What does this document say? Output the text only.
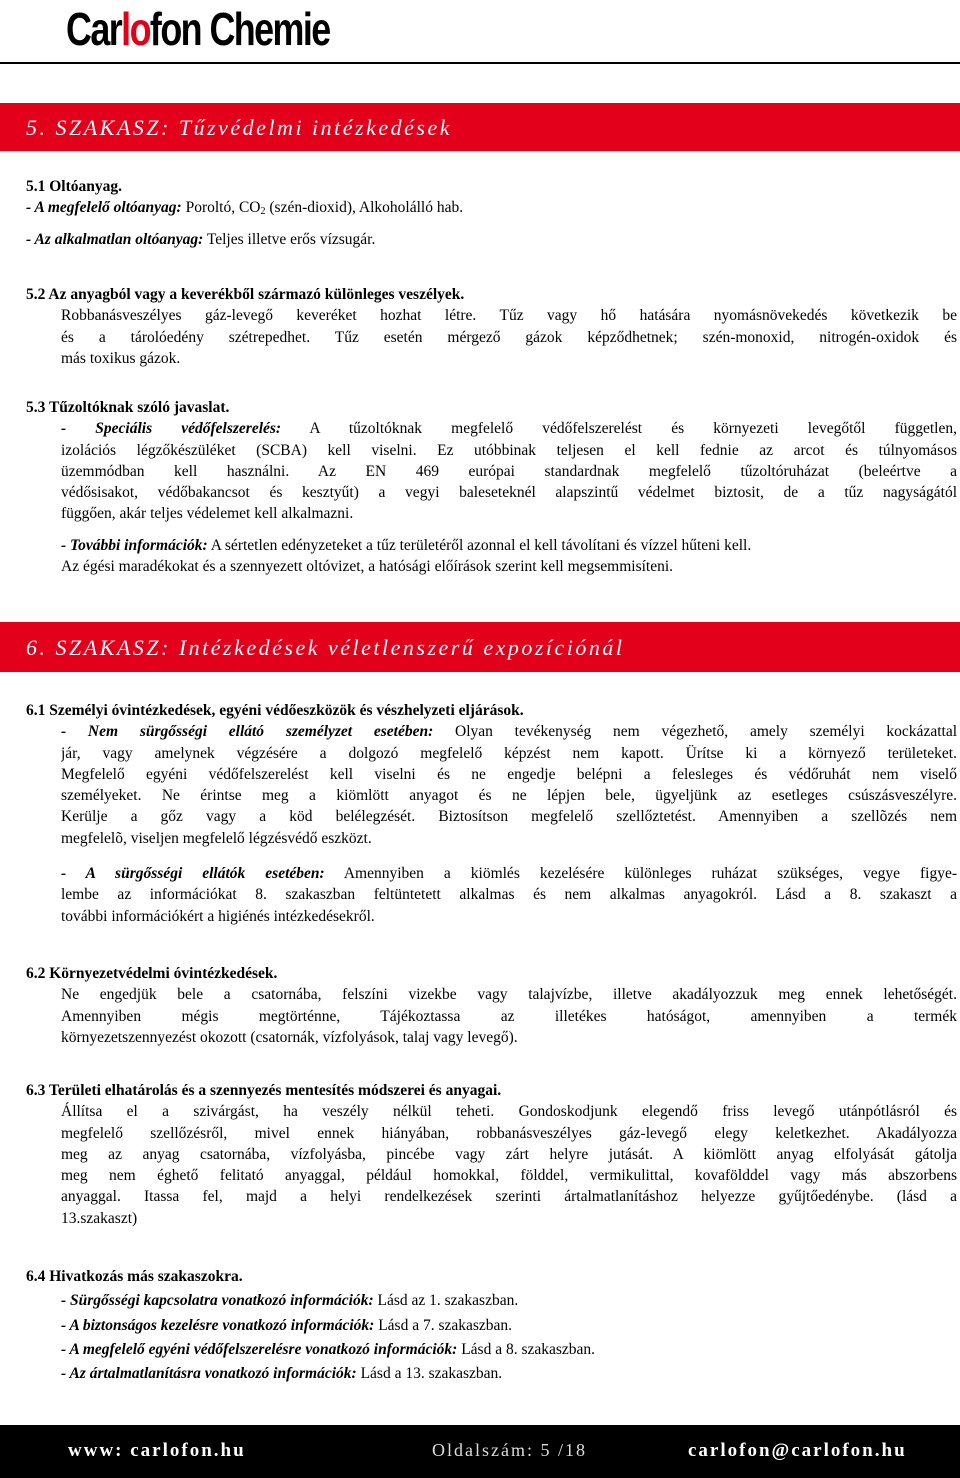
Carlofon Chemie
5. SZAKASZ: Tűzvédelmi intézkedések
5.1 Oltóanyag.
- A megfelelő oltóanyag: Poroltó, $CO_2$ (szén-dioxid), Alkoholálló hab.
- Az alkalmatlan oltóanyag: Teljes illetve erős vízsugár.
5.2 Az anyagból vagy a keverékből származó különleges veszélyek.
Robbanásveszélyes gáz-levegő keveréket hozhat létre. Tűz vagy hő hatására nyomásnövekedés következik be
és a tárolóedény szétrepedhet. Tűz esetén mérgező gázok képződhetnek; szén-monoxid, nitrogén-oxidok és
más toxikus gázok.
5.3 Tűzoltóknak szóló javaslat.
- Speciális védőfelszerelés: A tűzoltóknak megfelelő védőfelszerelést és környezeti levegőtől független,
izolációs légzőkészüléket (SCBA) kell viselni. Ez utóbbinak teljesen el kell fednie az arcot és túlnyomásos
üzemmódban kell használni. Az EN 469 európai standardnak megfelelő tűzoltóruházat (beleértve a
védősisakot, védőbakancsot és kesztyűt) a vegyi baleseteknél alapszintű védelmet biztosit, de a tűz nagyságától
függően, akár teljes védelemet kell alkalmazni.
- További információk: A sértetlen edényzeteket a tűz területéről azonnal el kell távolítani és vízzel hűteni kell.
Az égési maradékokat és a szennyezett oltóvizet, a hatósági előírások szerint kell megsemmisíteni.
6. SZAKASZ: Intézkedések véletlenszerű expozíciónál
6.1 Személyi óvintézkedések, egyéni védőeszközök és vészhelyzeti eljárások.
- Nem sürgősségi ellátó személyzet esetében: Olyan tevékenység nem végezhető, amely személyi kockázattal
jár, vagy amelynek végzésére a dolgozó megfelelő képzést nem kapott. Ürítse ki a környező területeket.
Megfelelő egyéni védőfelszerelést kell viselni és ne engedje belépni a felesleges és védőruhát nem viselő
személyeket. Ne érintse meg a kiömlött anyagot és ne lépjen bele, ügyeljünk az esetleges csúszásveszélyre.
Kerülje a gőz vagy a köd belélegzését. Biztosítson megfelelő szellőztetést. Amennyiben a szellõzés nem
megfelelõ, viseljen megfelelő légzésvédő eszközt.
- A sürgősségi ellátók esetében: Amennyiben a kiömlés kezelésére különleges ruházat szükséges, vegye figye-
lembe az információkat 8. szakaszban feltüntetett alkalmas és nem alkalmas anyagokról. Lásd a 8. szakaszt a
további információkért a higiénés intézkedésekről.
6.2 Környezetvédelmi óvintézkedések.
Ne engedjük bele a csatornába, felszíni vizekbe vagy talajvízbe, illetve akadályozzuk meg ennek lehetőségét.
Amennyiben mégis megtörténne, Tájékoztassa az illetékes hatóságot, amennyiben a termék
környezetszennyezést okozott (csatornák, vízfolyások, talaj vagy levegő).
6.3 Területi elhatárolás és a szennyezés mentesítés módszerei és anyagai.
Állítsa el a szivárgást, ha veszély nélkül teheti. Gondoskodjunk elegendő friss levegő utánpótlásról és
megfelelő szellőzésről, mivel ennek hiányában, robbanásveszélyes gáz-levegő elegy keletkezhet. Akadályozza
meg az anyag csatornába, vízfolyásba, pincébe vagy zárt helyre jutását. A kiömlött anyag elfolyását gátolja
meg nem éghető felitató anyaggal, például homokkal, földdel, vermikulittal, kovafölddel vagy más abszorbens
anyaggal. Itassa fel, majd a helyi rendelkezések szerinti ártalmatlanításhoz helyezze gyűjtőedénybe. (lásd a
13.szakaszt)
6.4 Hivatkozás más szakaszokra.
- Sürgősségi kapcsolatra vonatkozó információk: Lásd az 1. szakaszban.
- A biztonságos kezelésre vonatkozó információk: Lásd a 7. szakaszban.
- A megfelelő egyéni védőfelszerelésre vonatkozó információk: Lásd a 8. szakaszban.
- Az ártalmatlanításra vonatkozó információk: Lásd a 13. szakaszban.
www: carlofon.hu	Oldalszám: 5 /18	carlofon@carlofon.hu
